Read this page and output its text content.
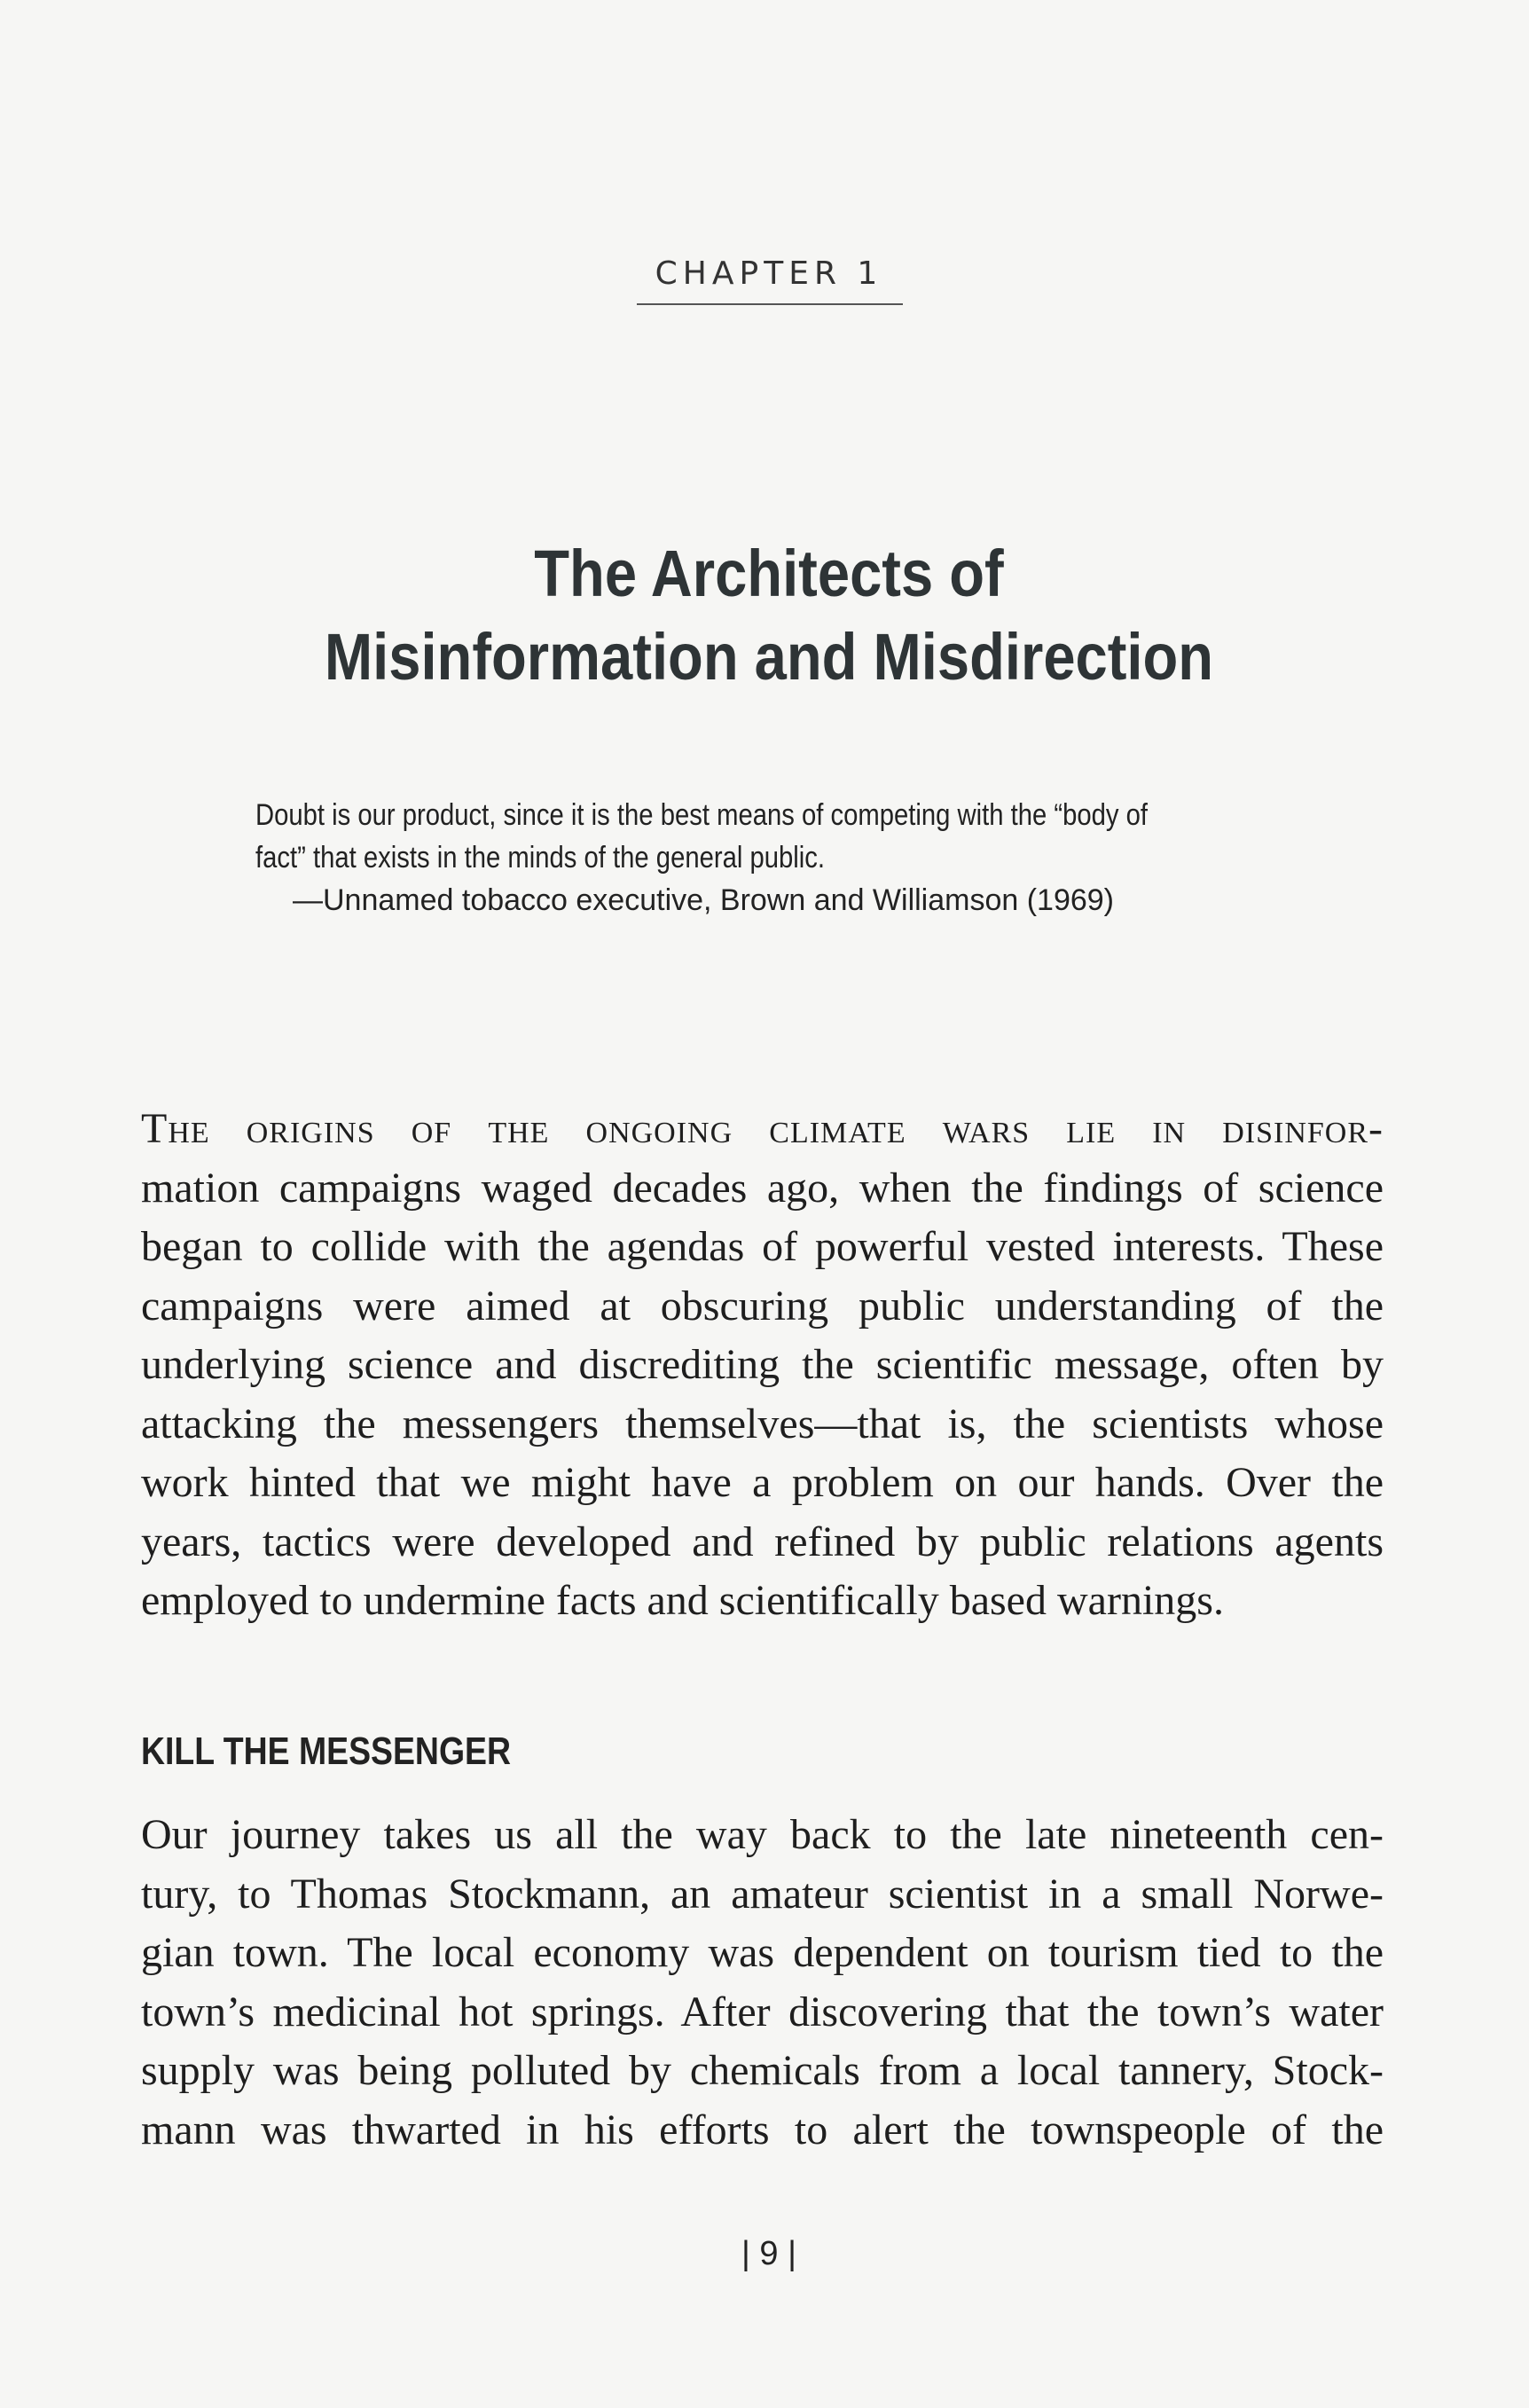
CHAPTER 1
The Architects of
Misinformation and Misdirection
Doubt is our product, since it is the best means of competing with the “body of
fact” that exists in the minds of the general public.
—Unnamed tobacco executive, Brown and Williamson (1969)
The origins of the ongoing climate wars lie in disinfor-
mation campaigns waged decades ago, when the findings of science
began to collide with the agendas of powerful vested interests. These
campaigns were aimed at obscuring public understanding of the
underlying science and discrediting the scientific message, often by
attacking the messengers themselves—that is, the scientists whose
work hinted that we might have a problem on our hands. Over the
years, tactics were developed and refined by public relations agents
employed to undermine facts and scientifically based warnings.
KILL THE MESSENGER
Our journey takes us all the way back to the late nineteenth cen-
tury, to Thomas Stockmann, an amateur scientist in a small Norwe-
gian town. The local economy was dependent on tourism tied to the
town’s medicinal hot springs. After discovering that the town’s water
supply was being polluted by chemicals from a local tannery, Stock-
mann was thwarted in his efforts to alert the townspeople of the
| 9 |
